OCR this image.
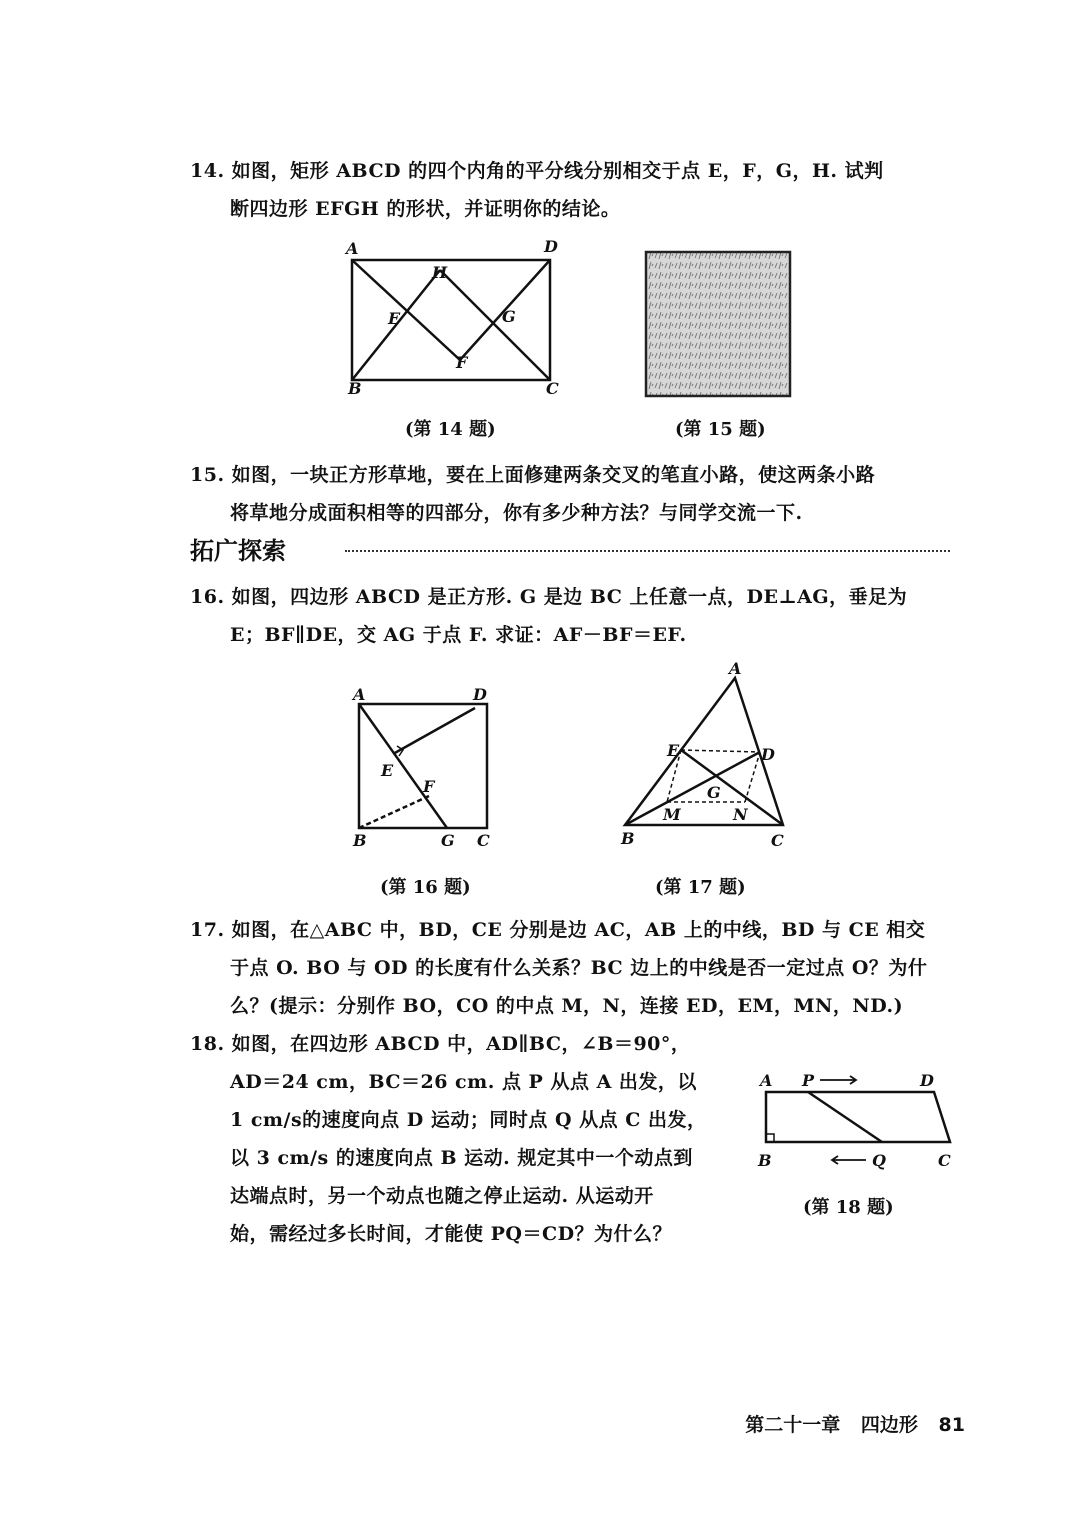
14. 如图，矩形 ABCD 的四个内角的平分线分别相交于点 E，F，G，H. 试判
断四边形 EFGH 的形状，并证明你的结论。
A	D
B	C
H
E	G
F
(第 14 题)	(第 15 题)
15. 如图，一块正方形草地，要在上面修建两条交叉的笔直小路，使这两条小路
将草地分成面积相等的四部分，你有多少种方法？与同学交流一下.
拓广探索
16. 如图，四边形 ABCD 是正方形. G 是边 BC 上任意一点，DE⊥AG，垂足为
E；BF∥DE，交 AG 于点 F. 求证：AF－BF＝EF.
A	D
E
F
B	G C
A
E	D
G
M	N
B	C
(第 16 题)	(第 17 题)
17. 如图，在△ABC 中，BD，CE 分别是边 AC，AB 上的中线，BD 与 CE 相交
于点 O. BO 与 OD 的长度有什么关系？BC 边上的中线是否一定过点 O？为什
么？(提示：分别作 BO，CO 的中点 M，N，连接 ED，EM，MN，ND.)
18. 如图，在四边形 ABCD 中，AD∥BC，∠B＝90°，
AD＝24 cm，BC＝26 cm. 点 P 从点 A 出发，以
1 cm/s的速度向点 D 运动；同时点 Q 从点 C 出发，
以 3 cm/s 的速度向点 B 运动. 规定其中一个动点到
达端点时，另一个动点也随之停止运动. 从运动开
始，需经过多长时间，才能使 PQ＝CD？为什么？
A P	D
B	Q	C
(第 18 题)
第二十一章 四边形 81
